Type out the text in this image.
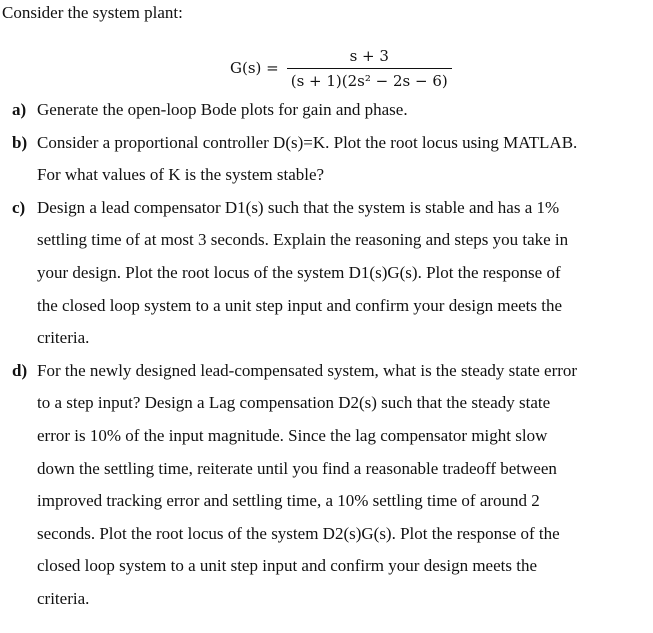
Consider the system plant:
$G(s) = \frac{s + 3}{\text{(s + 1)(2s² − 2s − 6)}}$
a) Generate the open-loop Bode plots for gain and phase.
b) Consider a proportional controller D(s)=K. Plot the root locus using MATLAB.
For what values of K is the system stable?
c) Design a lead compensator D1(s) such that the system is stable and has a 1%
settling time of at most 3 seconds. Explain the reasoning and steps you take in
your design. Plot the root locus of the system D1(s)G(s). Plot the response of
the closed loop system to a unit step input and confirm your design meets the
criteria.
d) For the newly designed lead-compensated system, what is the steady state error
to a step input? Design a Lag compensation D2(s) such that the steady state
error is 10% of the input magnitude. Since the lag compensator might slow
down the settling time, reiterate until you find a reasonable tradeoff between
improved tracking error and settling time, a 10% settling time of around 2
seconds. Plot the root locus of the system D2(s)G(s). Plot the response of the
closed loop system to a unit step input and confirm your design meets the
criteria.
